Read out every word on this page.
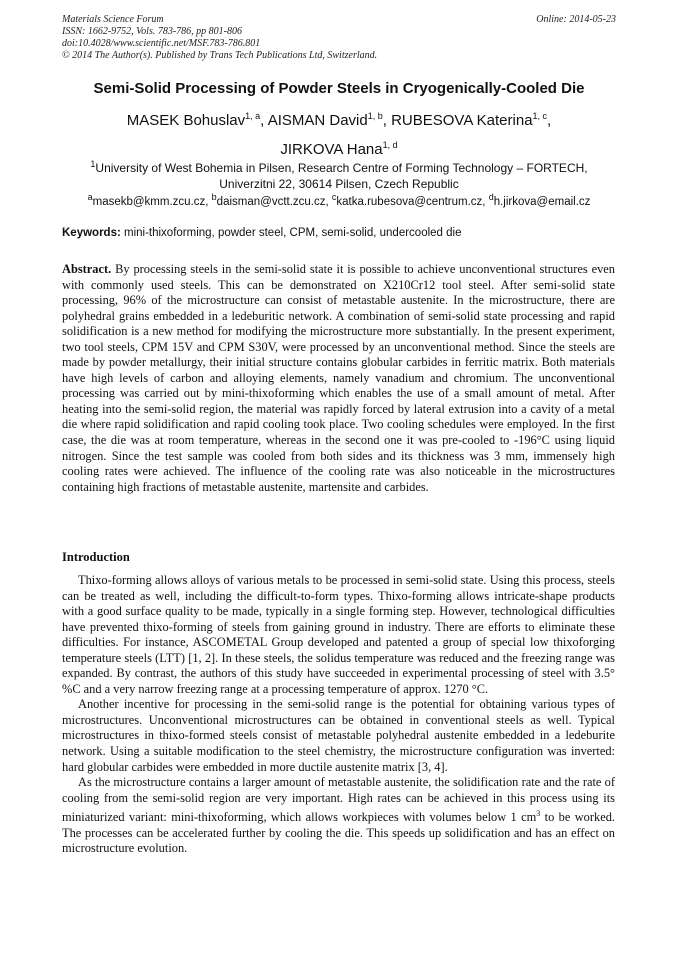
Materials Science Forum	Online: 2014-05-23
ISSN: 1662-9752, Vols. 783-786, pp 801-806
doi:10.4028/www.scientific.net/MSF.783-786.801
© 2014 The Author(s). Published by Trans Tech Publications Ltd, Switzerland.
Semi-Solid Processing of Powder Steels in Cryogenically-Cooled Die
MASEK Bohuslav$^{1, a}$, AISMAN David$^{1, b}$, RUBESOVA Katerina$^{1, c}$,
JIRKOVA Hana$^{1, d}$
$^1$University of West Bohemia in Pilsen, Research Centre of Forming Technology – FORTECH,
Univerzitni 22, 30614 Pilsen, Czech Republic
$^a$masekb@kmm.zcu.cz, $^b$daisman@vctt.zcu.cz, $^c$katka.rubesova@centrum.cz, $^d$h.jirkova@email.cz
Keywords: mini-thixoforming, powder steel, CPM, semi-solid, undercooled die
Abstract. By processing steels in the semi-solid state it is possible to achieve unconventional structures even with commonly used steels. This can be demonstrated on X210Cr12 tool steel. After semi-solid state processing, 96% of the microstructure can consist of metastable austenite. In the microstructure, there are polyhedral grains embedded in a ledeburitic network. A combination of semi-solid state processing and rapid solidification is a new method for modifying the microstructure more substantially. In the present experiment, two tool steels, CPM 15V and CPM S30V, were processed by an unconventional method. Since the steels are made by powder metallurgy, their initial structure contains globular carbides in ferritic matrix. Both materials have high levels of carbon and alloying elements, namely vanadium and chromium. The unconventional processing was carried out by mini-thixoforming which enables the use of a small amount of metal. After heating into the semi-solid region, the material was rapidly forced by lateral extrusion into a cavity of a metal die where rapid solidification and rapid cooling took place. Two cooling schedules were employed. In the first case, the die was at room temperature, whereas in the second one it was pre-cooled to -196°C using liquid nitrogen. Since the test sample was cooled from both sides and its thickness was 3 mm, immensely high cooling rates were achieved. The influence of the cooling rate was also noticeable in the microstructures containing high fractions of metastable austenite, martensite and carbides.
Introduction

Thixo-forming allows alloys of various metals to be processed in semi-solid state. Using this process, steels can be treated as well, including the difficult-to-form types. Thixo-forming allows intricate-shape products with a good surface quality to be made, typically in a single forming step. However, technological difficulties have prevented thixo-forming of steels from gaining ground in industry. There are efforts to eliminate these difficulties. For instance, ASCOMETAL Group developed and patented a group of special low thixoforging temperature steels (LTT) [1, 2]. In these steels, the solidus temperature was reduced and the freezing range was expanded. By contrast, the authors of this study have succeeded in experimental processing of steel with 3.5°%C and a very narrow freezing range at a processing temperature of approx. 1270 °C.

Another incentive for processing in the semi-solid range is the potential for obtaining various types of microstructures. Unconventional microstructures can be obtained in conventional steels as well. Typical microstructures in thixo-formed steels consist of metastable polyhedral austenite embedded in a ledeburite network. Using a suitable modification to the steel chemistry, the microstructure configuration was inverted: hard globular carbides were embedded in more ductile austenite matrix [3, 4].

As the microstructure contains a larger amount of metastable austenite, the solidification rate and the rate of cooling from the semi-solid region are very important. High rates can be achieved in this process using its miniaturized variant: mini-thixoforming, which allows workpieces with volumes below 1 $cm^3$ to be worked. The processes can be accelerated further by cooling the die. This speeds up solidification and has an effect on microstructure evolution.
